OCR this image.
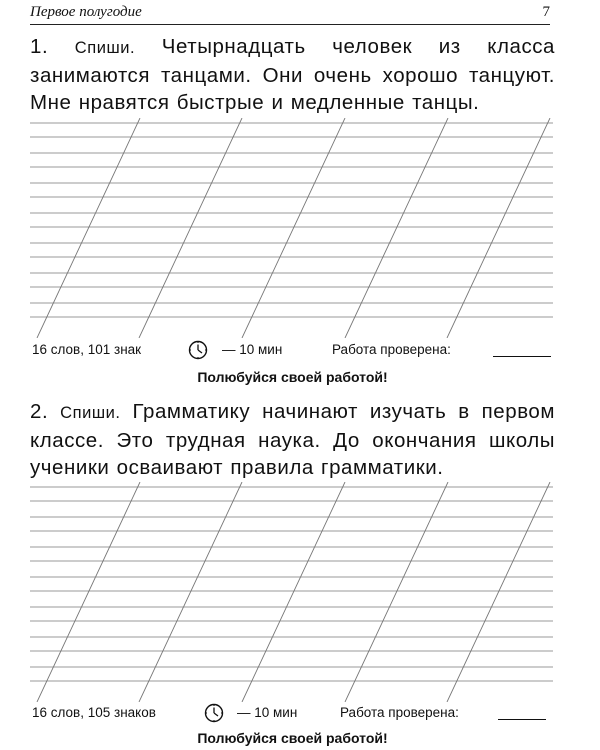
Первое полугодие	7
1. Спиши. Четырнадцать человек из класса занимаются танцами. Они очень хорошо танцуют. Мне нравятся быстрые и медленные танцы.
16 слов, 101 знак	— 10 мин	Работа проверена:
Полюбуйся своей работой!
2. Спиши. Грамматику начинают изучать в первом классе. Это трудная наука. До окончания школы ученики осваивают правила грамматики.
16 слов, 105 знаков	— 10 мин	Работа проверена:
Полюбуйся своей работой!
